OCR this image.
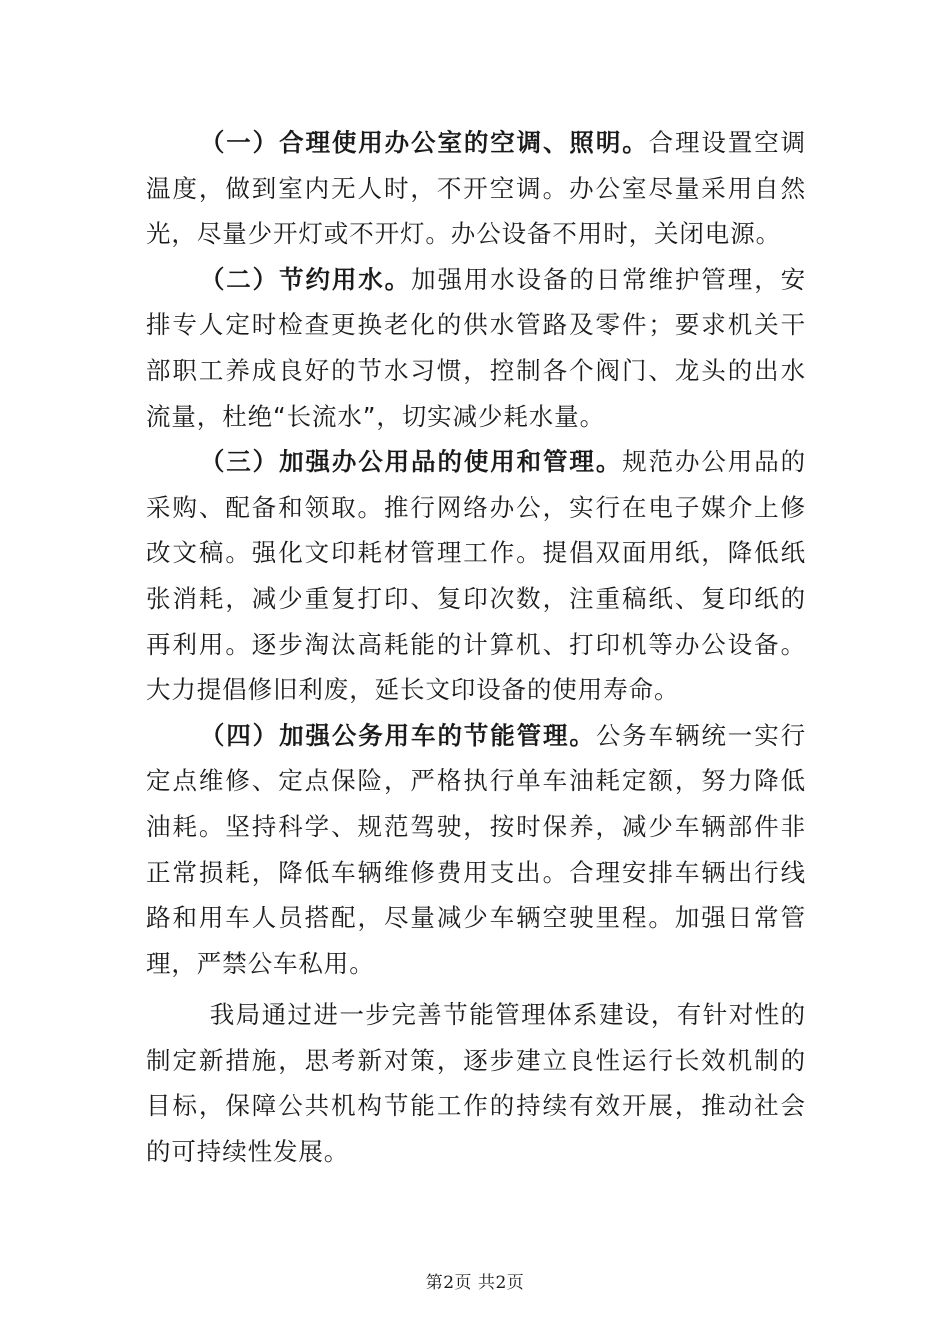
（一）合理使用办公室的空调、照明。合理设置空调温度，做到室内无人时，不开空调。办公室尽量采用自然光，尽量少开灯或不开灯。办公设备不用时，关闭电源。

（二）节约用水。加强用水设备的日常维护管理，安排专人定时检查更换老化的供水管路及零件；要求机关干部职工养成良好的节水习惯，控制各个阀门、龙头的出水流量，杜绝“长流水”，切实减少耗水量。

（三）加强办公用品的使用和管理。规范办公用品的采购、配备和领取。推行网络办公，实行在电子媒介上修改文稿。强化文印耗材管理工作。提倡双面用纸，降低纸张消耗，减少重复打印、复印次数，注重稿纸、复印纸的再利用。逐步淘汰高耗能的计算机、打印机等办公设备。大力提倡修旧利废，延长文印设备的使用寿命。

（四）加强公务用车的节能管理。公务车辆统一实行定点维修、定点保险，严格执行单车油耗定额，努力降低油耗。坚持科学、规范驾驶，按时保养，减少车辆部件非正常损耗，降低车辆维修费用支出。合理安排车辆出行线路和用车人员搭配，尽量减少车辆空驶里程。加强日常管理，严禁公车私用。

我局通过进一步完善节能管理体系建设，有针对性的制定新措施，思考新对策，逐步建立良性运行长效机制的目标，保障公共机构节能工作的持续有效开展，推动社会的可持续性发展。

第2页 共2页
